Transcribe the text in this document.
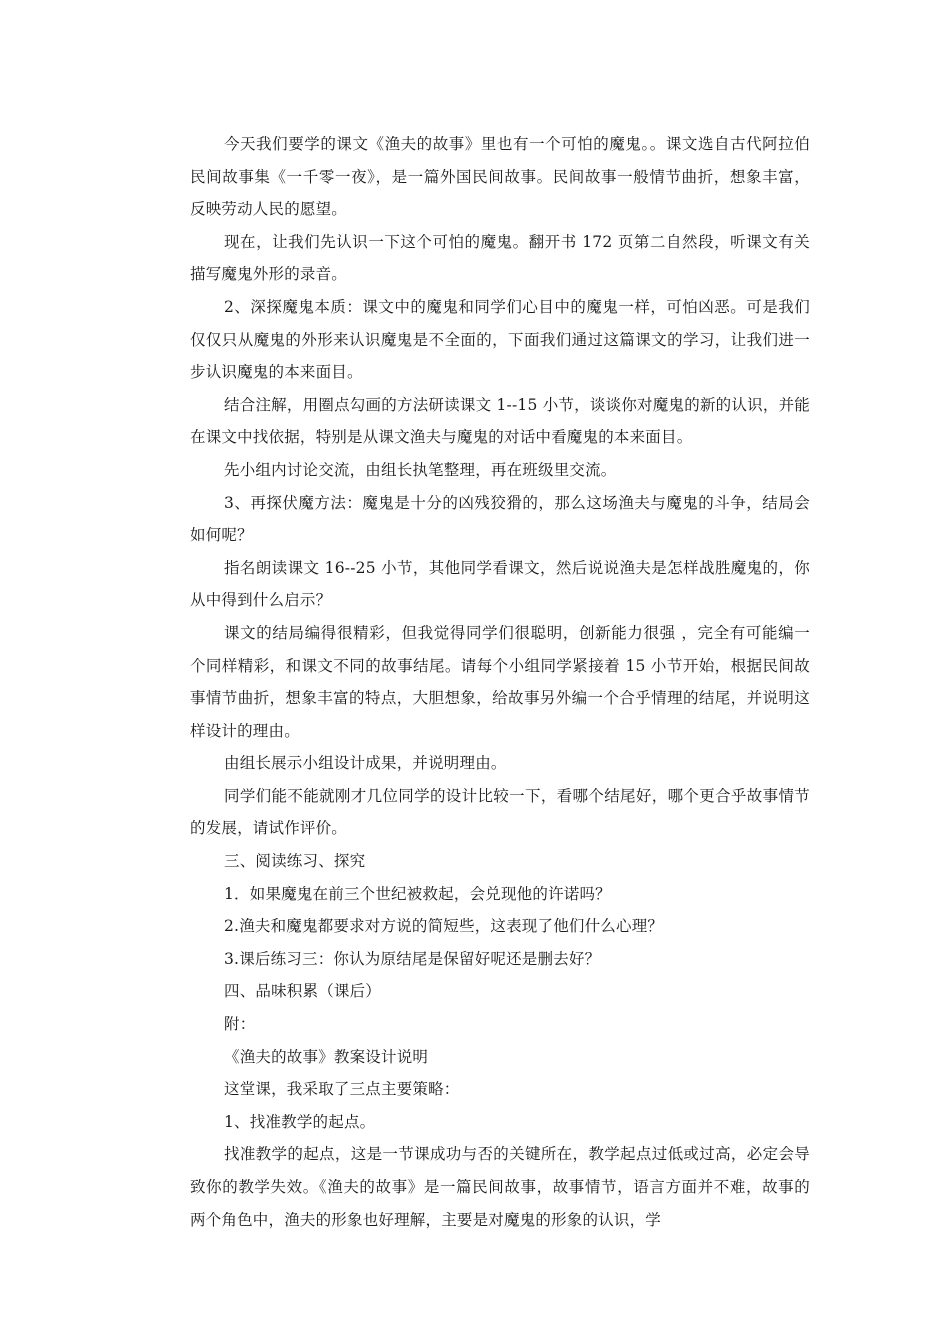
今天我们要学的课文《渔夫的故事》里也有一个可怕的魔鬼。。课文选自古代阿拉伯民间故事集《一千零一夜》，是一篇外国民间故事。民间故事一般情节曲折，想象丰富，反映劳动人民的愿望。

现在，让我们先认识一下这个可怕的魔鬼。翻开书 172 页第二自然段，听课文有关描写魔鬼外形的录音。

2、深探魔鬼本质：课文中的魔鬼和同学们心目中的魔鬼一样，可怕凶恶。可是我们仅仅只从魔鬼的外形来认识魔鬼是不全面的，下面我们通过这篇课文的学习，让我们进一步认识魔鬼的本来面目。

结合注解，用圈点勾画的方法研读课文 1--15 小节，谈谈你对魔鬼的新的认识，并能在课文中找依据，特别是从课文渔夫与魔鬼的对话中看魔鬼的本来面目。

先小组内讨论交流，由组长执笔整理，再在班级里交流。

3、再探伏魔方法：魔鬼是十分的凶残狡猾的，那么这场渔夫与魔鬼的斗争，结局会如何呢？

指名朗读课文 16--25 小节，其他同学看课文，然后说说渔夫是怎样战胜魔鬼的，你从中得到什么启示？

课文的结局编得很精彩，但我觉得同学们很聪明，创新能力很强 ，完全有可能编一个同样精彩，和课文不同的故事结尾。请每个小组同学紧接着 15 小节开始，根据民间故事情节曲折，想象丰富的特点，大胆想象，给故事另外编一个合乎情理的结尾，并说明这样设计的理由。

由组长展示小组设计成果，并说明理由。

同学们能不能就刚才几位同学的设计比较一下，看哪个结尾好，哪个更合乎故事情节的发展，请试作评价。

三、阅读练习、探究

1．如果魔鬼在前三个世纪被救起，会兑现他的许诺吗？

2.渔夫和魔鬼都要求对方说的简短些，这表现了他们什么心理？

3.课后练习三：你认为原结尾是保留好呢还是删去好？

四、品味积累（课后）

附：

《渔夫的故事》教案设计说明

这堂课，我采取了三点主要策略：

1、找准教学的起点。

找准教学的起点，这是一节课成功与否的关键所在，教学起点过低或过高，必定会导致你的教学失效。《渔夫的故事》是一篇民间故事，故事情节，语言方面并不难，故事的两个角色中，渔夫的形象也好理解，主要是对魔鬼的形象的认识，学
